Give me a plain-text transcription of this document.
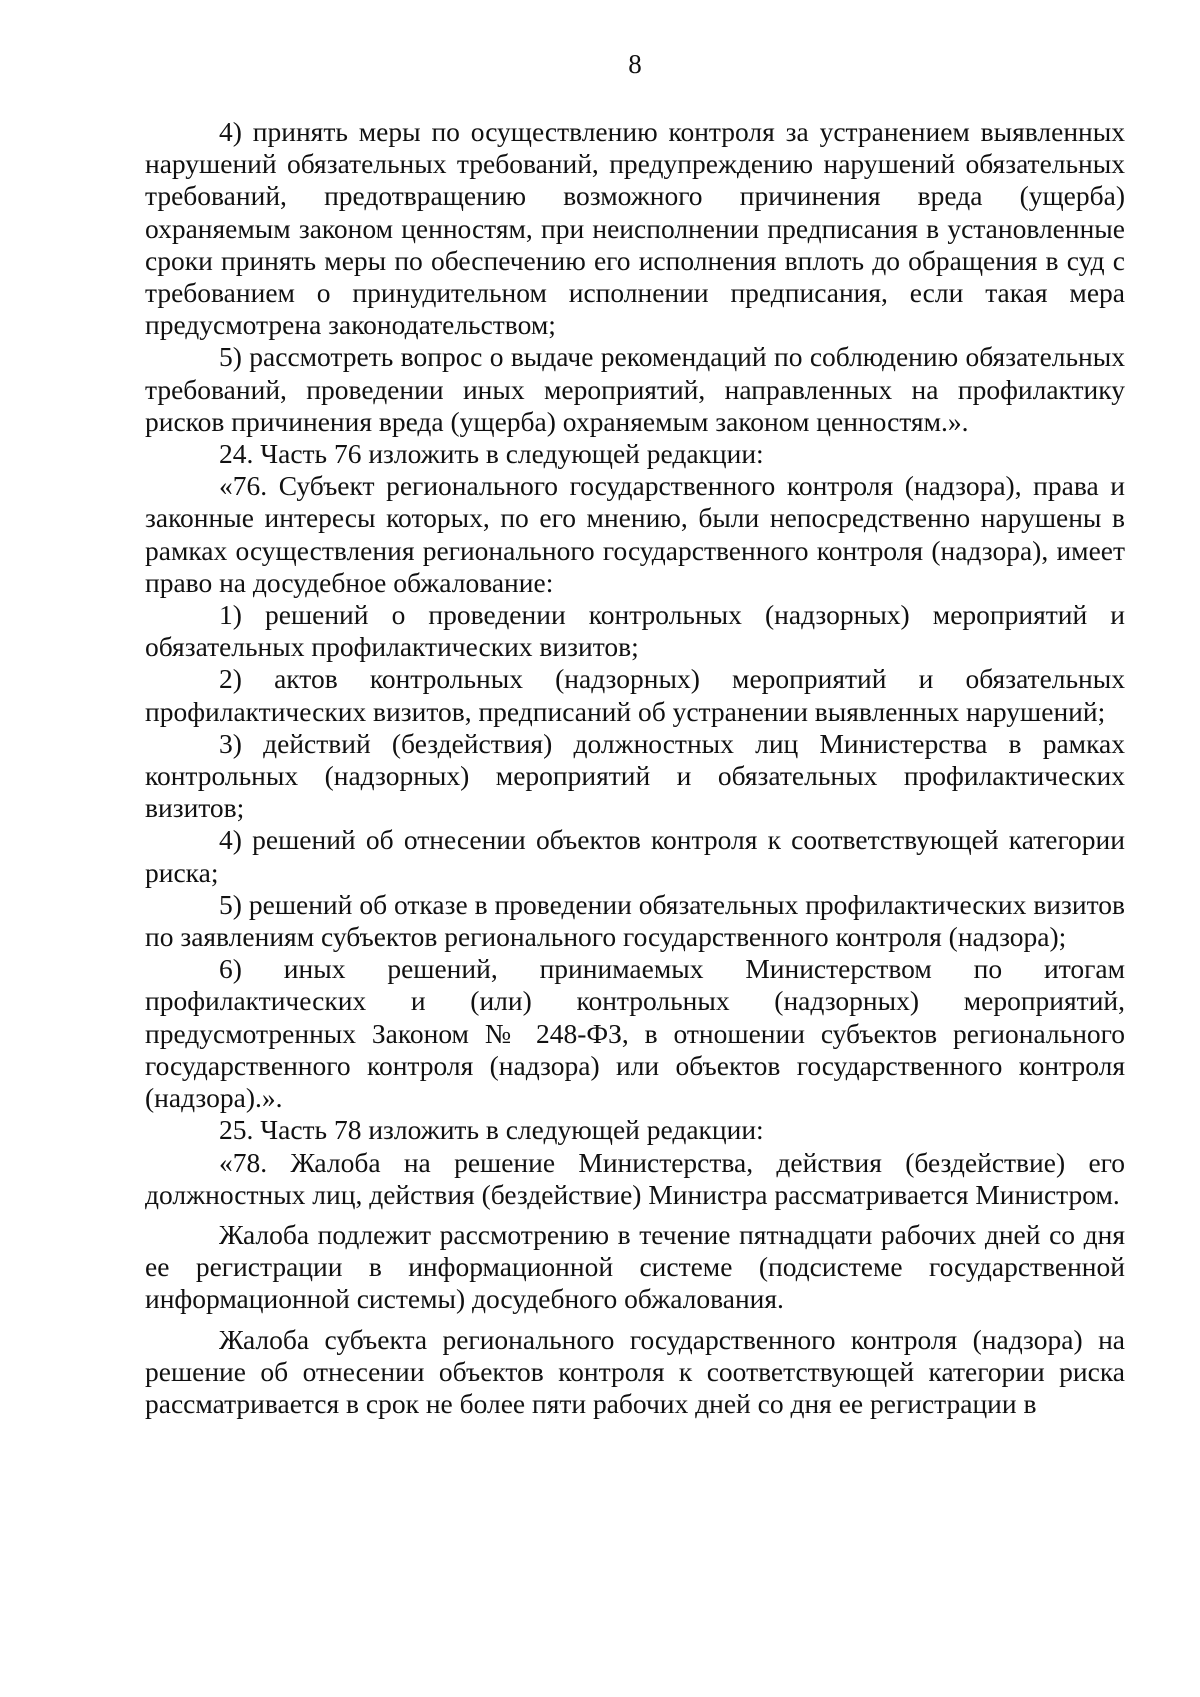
8

4) принять меры по осуществлению контроля за устранением выявленных нарушений обязательных требований, предупреждению нарушений обязательных требований, предотвращению возможного причинения вреда (ущерба) охраняемым законом ценностям, при неисполнении предписания в установленные сроки принять меры по обеспечению его исполнения вплоть до обращения в суд с требованием о принудительном исполнении предписания, если такая мера предусмотрена законодательством;

5) рассмотреть вопрос о выдаче рекомендаций по соблюдению обязательных требований, проведении иных мероприятий, направленных на профилактику рисков причинения вреда (ущерба) охраняемым законом ценностям.».

24. Часть 76 изложить в следующей редакции:

«76. Субъект регионального государственного контроля (надзора), права и законные интересы которых, по его мнению, были непосредственно нарушены в рамках осуществления регионального государственного контроля (надзора), имеет право на досудебное обжалование:

1) решений о проведении контрольных (надзорных) мероприятий и обязательных профилактических визитов;

2) актов контрольных (надзорных) мероприятий и обязательных профилактических визитов, предписаний об устранении выявленных нарушений;

3) действий (бездействия) должностных лиц Министерства в рамках контрольных (надзорных) мероприятий и обязательных профилактических визитов;

4) решений об отнесении объектов контроля к соответствующей категории риска;

5) решений об отказе в проведении обязательных профилактических визитов по заявлениям субъектов регионального государственного контроля (надзора);

6) иных решений, принимаемых Министерством по итогам профилактических и (или) контрольных (надзорных) мероприятий, предусмотренных Законом № 248-ФЗ, в отношении субъектов регионального государственного контроля (надзора) или объектов государственного контроля (надзора).».

25. Часть 78 изложить в следующей редакции:

«78. Жалоба на решение Министерства, действия (бездействие) его должностных лиц, действия (бездействие) Министра рассматривается Министром.

Жалоба подлежит рассмотрению в течение пятнадцати рабочих дней со дня ее регистрации в информационной системе (подсистеме государственной информационной системы) досудебного обжалования.

Жалоба субъекта регионального государственного контроля (надзора) на решение об отнесении объектов контроля к соответствующей категории риска рассматривается в срок не более пяти рабочих дней со дня ее регистрации в
